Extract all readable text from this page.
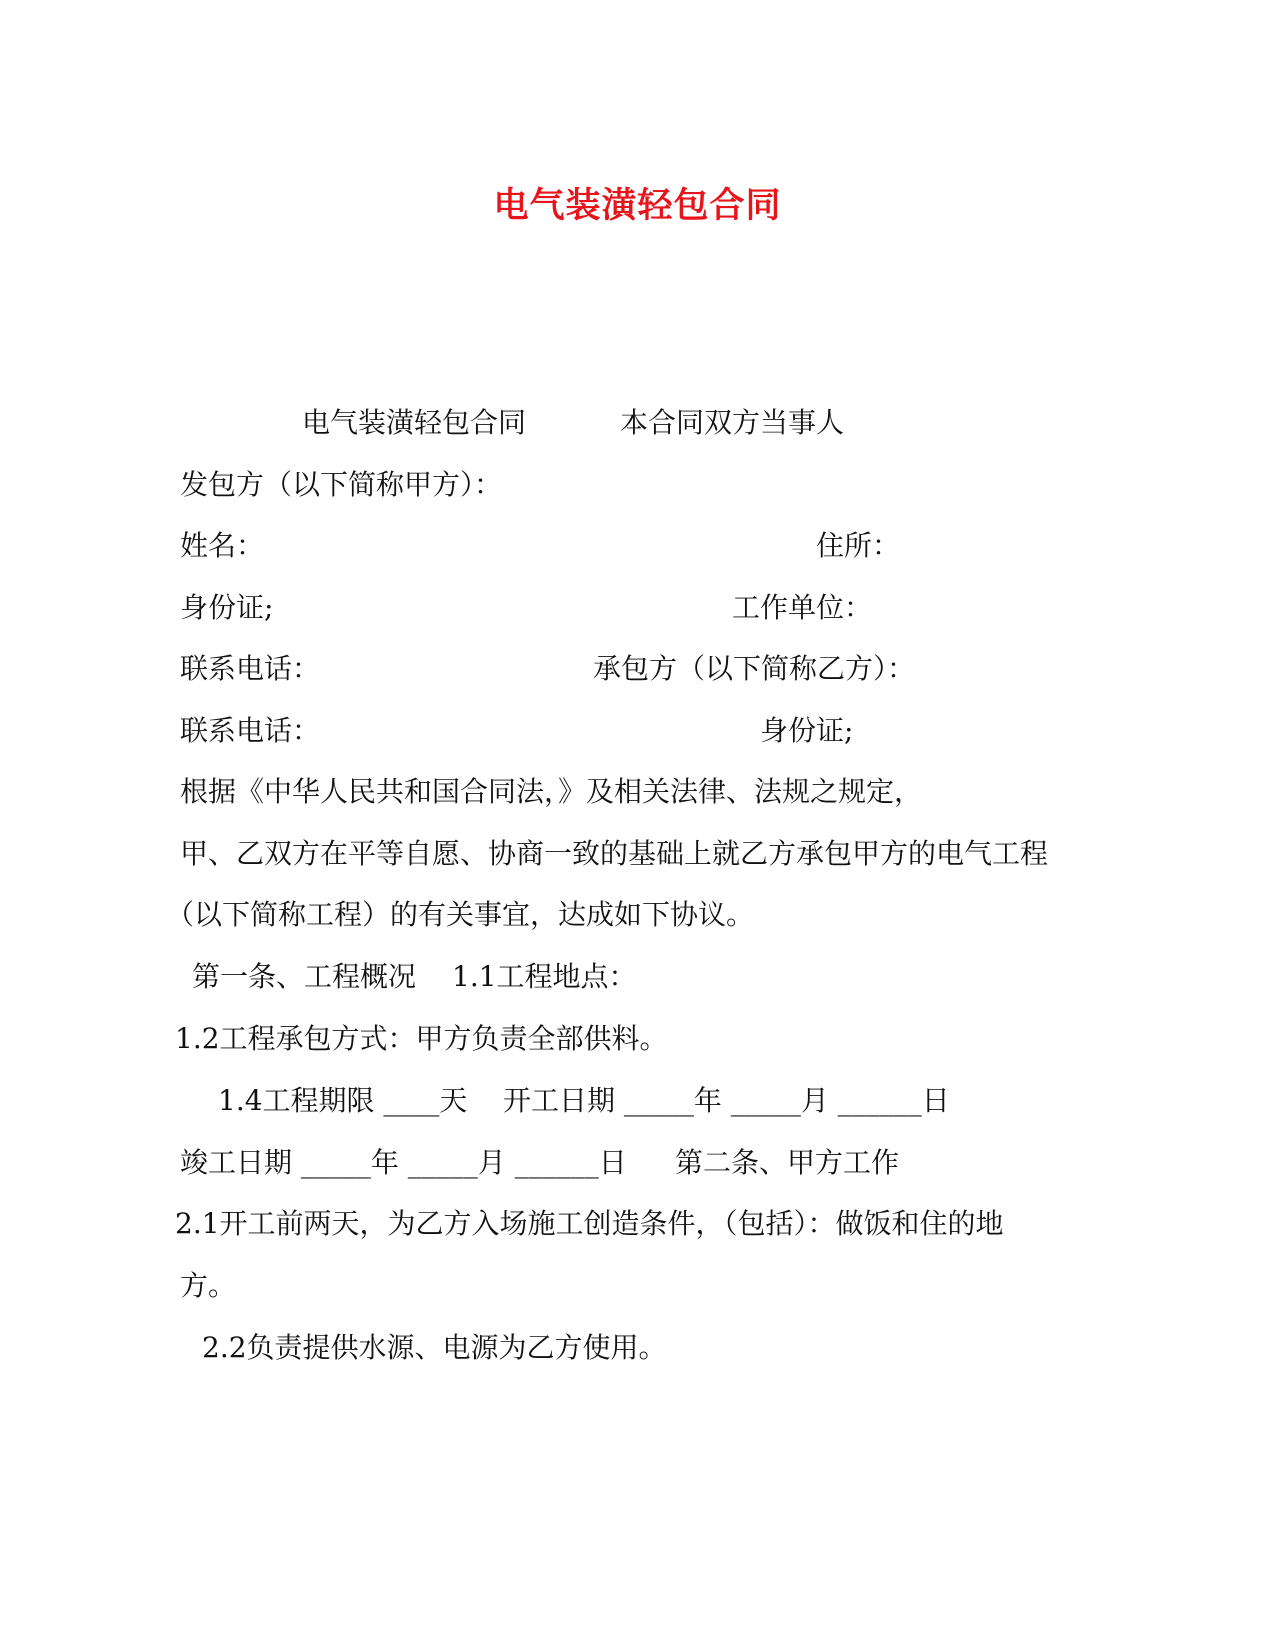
电气装潢轻包合同
电气装潢轻包合同	本合同双方当事人
发包方（以下简称甲方）：
姓名：	住所：
身份证;	工作单位：
联系电话：	承包方（以下简称乙方）：
联系电话：	身份证;
根据《中华人民共和国合同法，》及相关法律、法规之规定，
甲、乙双方在平等自愿、协商一致的基础上就乙方承包甲方的电气工程
（以下简称工程）的有关事宜，达成如下协议。
第一条、工程概况 1.1工程地点：
1.2工程承包方式：甲方负责全部供料。
1.4工程期限 ____天    开工日期 _____年 _____月 ______日
竣工日期 _____年 _____月 ______日 第二条、甲方工作
2.1开工前两天，为乙方入场施工创造条件，（包括）：做饭和住的地
方。
2.2负责提供水源、电源为乙方使用。
